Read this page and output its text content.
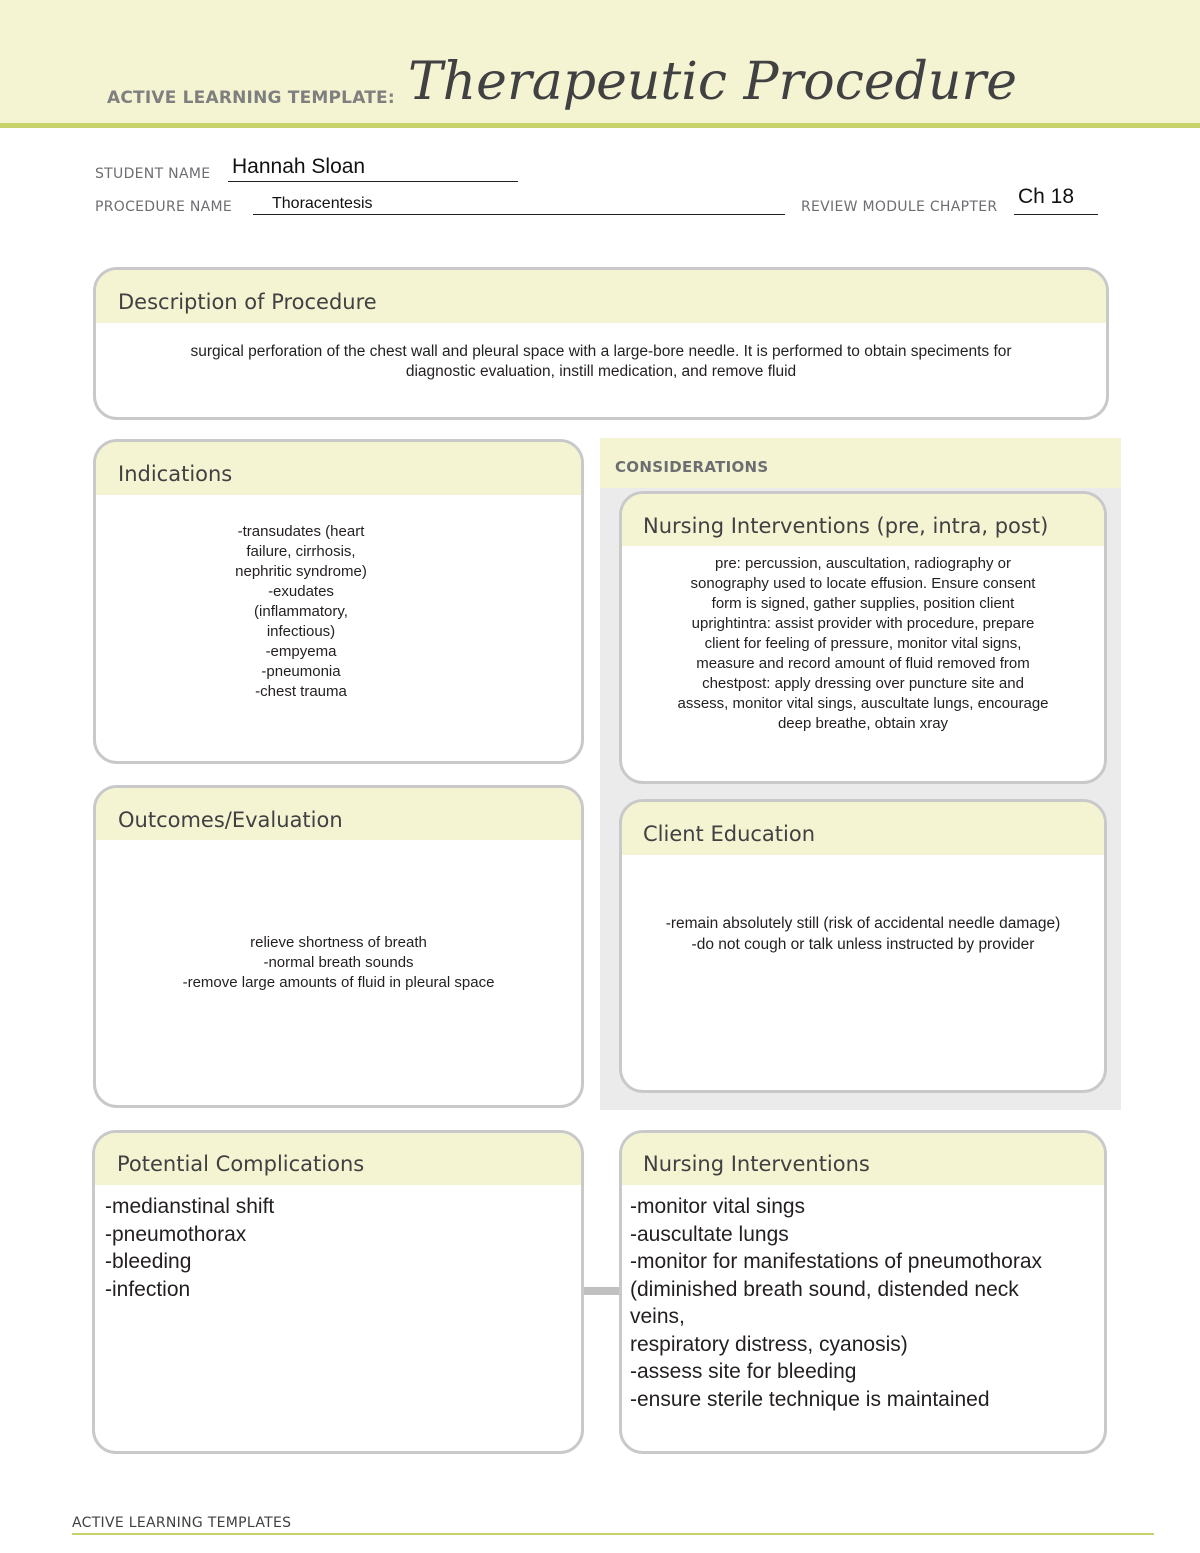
ACTIVE LEARNING TEMPLATE: Therapeutic Procedure
STUDENT NAME Hannah Sloan
PROCEDURE NAME Thoracentesis	REVIEW MODULE CHAPTER Ch 18
Description of Procedure
surgical perforation of the chest wall and pleural space with a large-bore needle. It is performed to obtain speciments for
diagnostic evaluation, instill medication, and remove fluid
Indications
-transudates (heart
failure, cirrhosis,
nephritic syndrome)
-exudates
(inflammatory,
infectious)
-empyema
-pneumonia
-chest trauma
CONSIDERATIONS
Nursing Interventions (pre, intra, post)
pre: percussion, auscultation, radiography or
sonography used to locate effusion. Ensure consent
form is signed, gather supplies, position client
uprightintra: assist provider with procedure, prepare
client for feeling of pressure, monitor vital signs,
measure and record amount of fluid removed from
chestpost: apply dressing over puncture site and
assess, monitor vital sings, auscultate lungs, encourage
deep breathe, obtain xray
Outcomes/Evaluation
relieve shortness of breath
-normal breath sounds
-remove large amounts of fluid in pleural space
Client Education
-remain absolutely still (risk of accidental needle damage)
-do not cough or talk unless instructed by provider
Potential Complications
-medianstinal shift
-pneumothorax
-bleeding
-infection
Nursing Interventions
-monitor vital sings
-auscultate lungs
-monitor for manifestations of pneumothorax
(diminished breath sound, distended neck
veins,
respiratory distress, cyanosis)
-assess site for bleeding
-ensure sterile technique is maintained
ACTIVE LEARNING TEMPLATES
